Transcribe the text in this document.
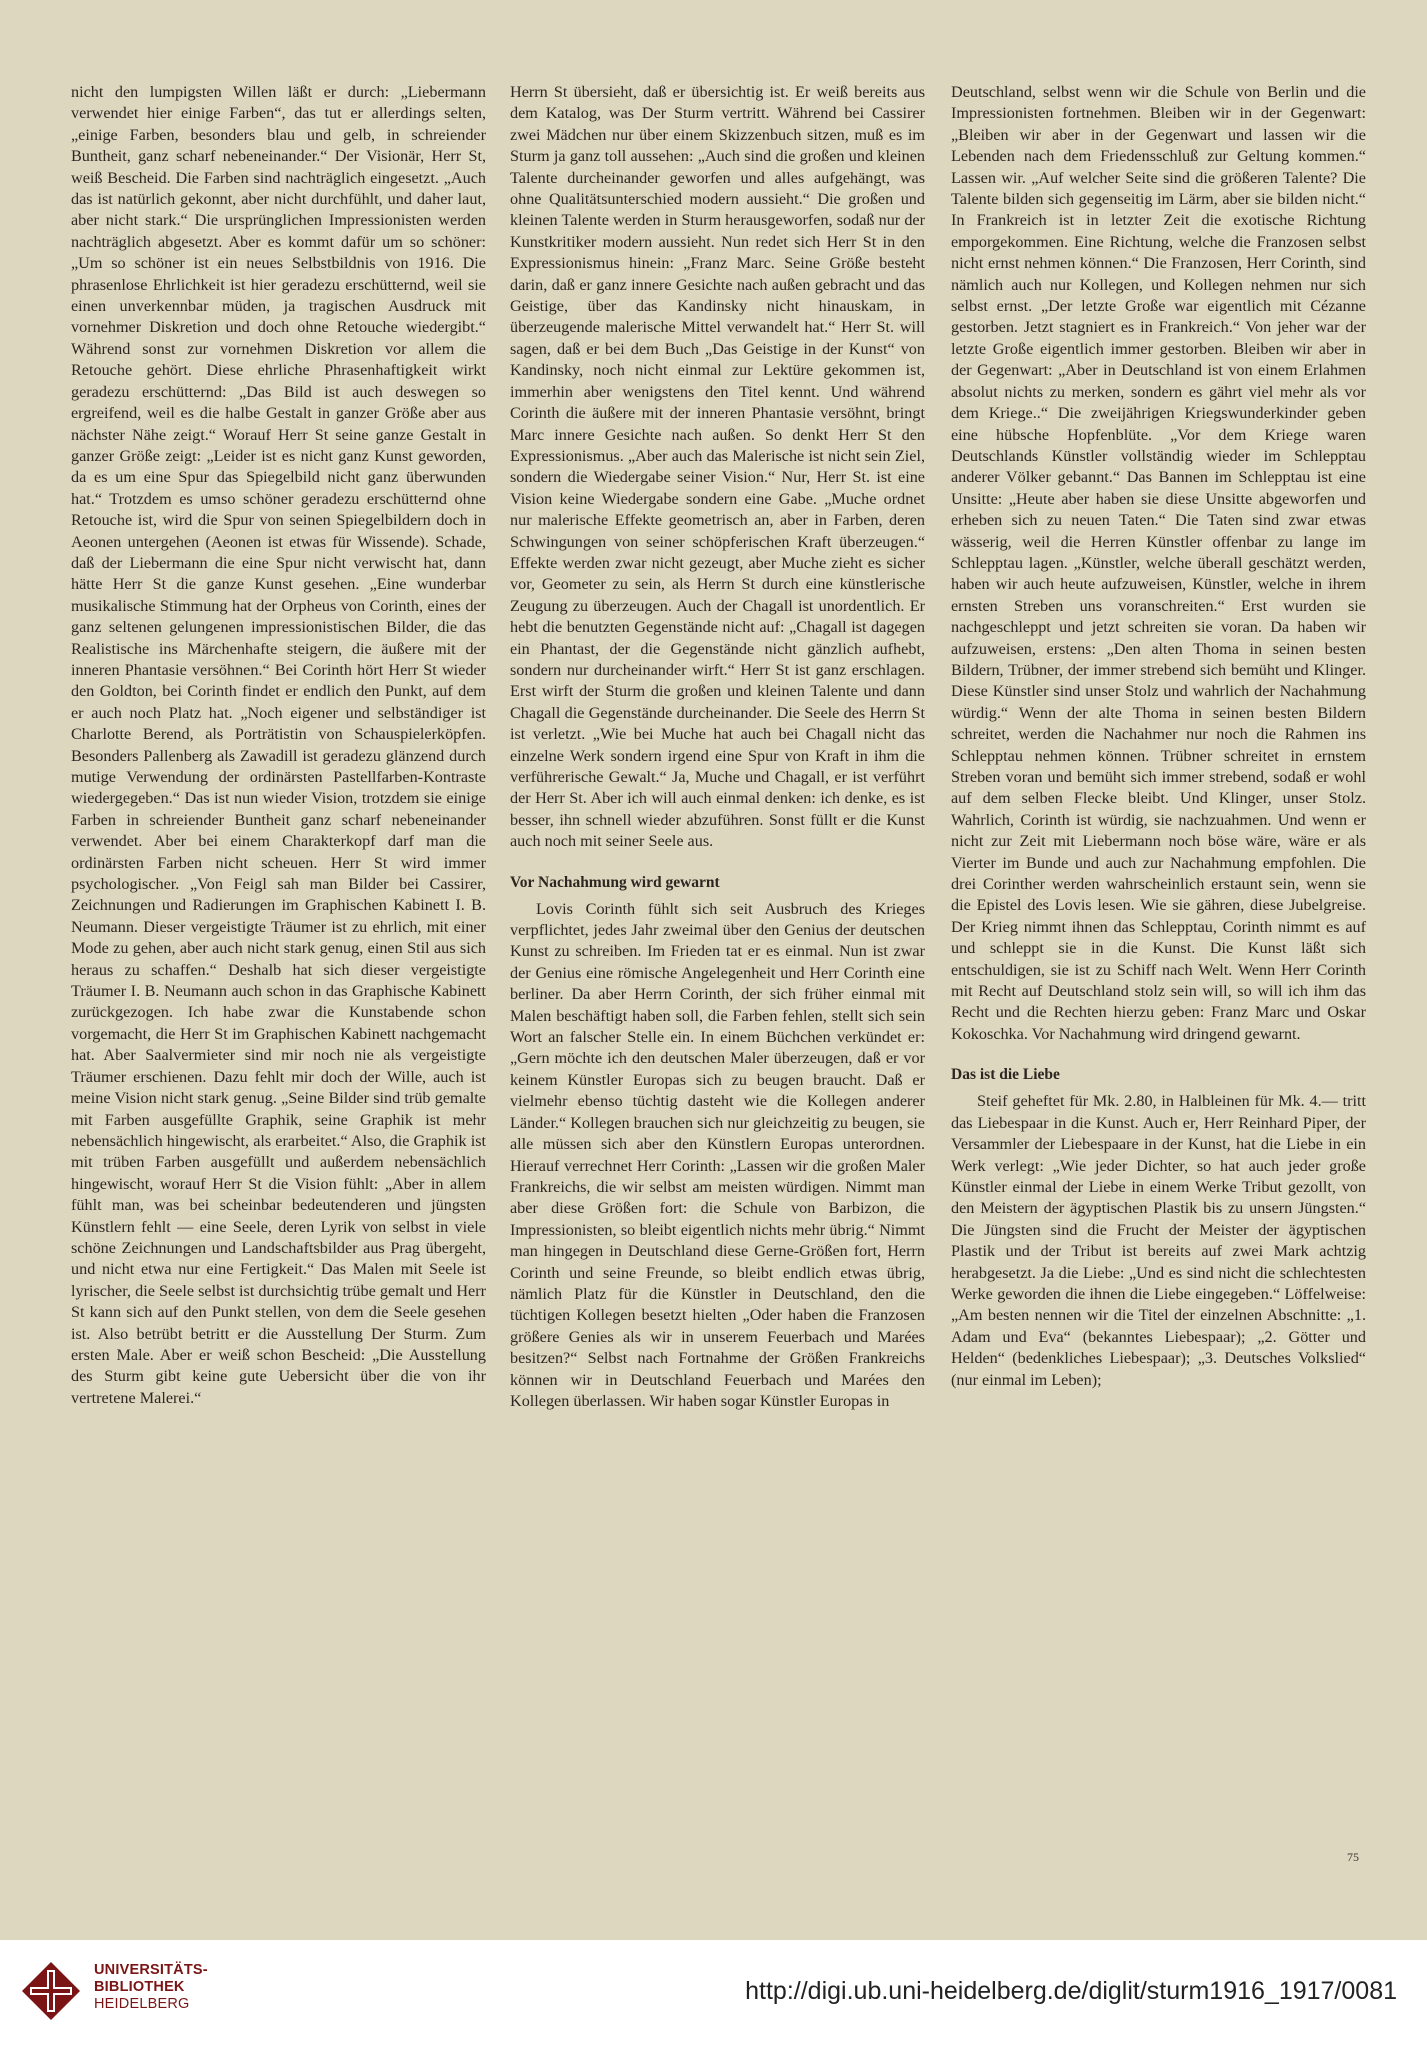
nicht den lumpigsten Willen läßt er durch: „Liebermann verwendet hier einige Farben“, das tut er allerdings selten, „einige Farben, besonders blau und gelb, in schreiender Buntheit, ganz scharf nebeneinander.“ Der Visionär, Herr St, weiß Bescheid. Die Farben sind nachträglich eingesetzt. „Auch das ist natürlich gekonnt, aber nicht durchfühlt, und daher laut, aber nicht stark.“ Die ursprünglichen Impressionisten werden nachträglich abgesetzt. Aber es kommt dafür um so schöner: „Um so schöner ist ein neues Selbstbildnis von 1916. Die phrasenlose Ehrlichkeit ist hier geradezu erschütternd, weil sie einen unverkennbar müden, ja tragischen Ausdruck mit vornehmer Diskretion und doch ohne Retouche wiedergibt.“ Während sonst zur vornehmen Diskretion vor allem die Retouche gehört. Diese ehrliche Phrasenhaftigkeit wirkt geradezu erschütternd: „Das Bild ist auch deswegen so ergreifend, weil es die halbe Gestalt in ganzer Größe aber aus nächster Nähe zeigt.“ Worauf Herr St seine ganze Gestalt in ganzer Größe zeigt: „Leider ist es nicht ganz Kunst geworden, da es um eine Spur das Spiegelbild nicht ganz überwunden hat.“ Trotzdem es umso schöner geradezu erschütternd ohne Retouche ist, wird die Spur von seinen Spiegelbildern doch in Aeonen untergehen (Aeonen ist etwas für Wissende). Schade, daß der Liebermann die eine Spur nicht verwischt hat, dann hätte Herr St die ganze Kunst gesehen. „Eine wunderbar musikalische Stimmung hat der Orpheus von Corinth, eines der ganz seltenen gelungenen impressionistischen Bilder, die das Realistische ins Märchenhafte steigern, die äußere mit der inneren Phantasie versöhnen.“ Bei Corinth hört Herr St wieder den Goldton, bei Corinth findet er endlich den Punkt, auf dem er auch noch Platz hat. „Noch eigener und selbständiger ist Charlotte Berend, als Porträtistin von Schauspielerköpfen. Besonders Pallenberg als Zawadill ist geradezu glänzend durch mutige Verwendung der ordinärsten Pastellfarben-Kontraste wiedergegeben.“ Das ist nun wieder Vision, trotzdem sie einige Farben in schreiender Buntheit ganz scharf nebeneinander verwendet. Aber bei einem Charakterkopf darf man die ordinärsten Farben nicht scheuen. Herr St wird immer psychologischer. „Von Feigl sah man Bilder bei Cassirer, Zeichnungen und Radierungen im Graphischen Kabinett I. B. Neumann. Dieser vergeistigte Träumer ist zu ehrlich, mit einer Mode zu gehen, aber auch nicht stark genug, einen Stil aus sich heraus zu schaffen.“ Deshalb hat sich dieser vergeistigte Träumer I. B. Neumann auch schon in das Graphische Kabinett zurückgezogen. Ich habe zwar die Kunstabende schon vorgemacht, die Herr St im Graphischen Kabinett nachgemacht hat. Aber Saalvermieter sind mir noch nie als vergeistigte Träumer erschienen. Dazu fehlt mir doch der Wille, auch ist meine Vision nicht stark genug. „Seine Bilder sind trüb gemalte mit Farben ausgefüllte Graphik, seine Graphik ist mehr nebensächlich hingewischt, als erarbeitet.“ Also, die Graphik ist mit trüben Farben ausgefüllt und außerdem nebensächlich hingewischt, worauf Herr St die Vision fühlt: „Aber in allem fühlt man, was bei scheinbar bedeutenderen und jüngsten Künstlern fehlt — eine Seele, deren Lyrik von selbst in viele schöne Zeichnungen und Landschaftsbilder aus Prag übergeht, und nicht etwa nur eine Fertigkeit.“ Das Malen mit Seele ist lyrischer, die Seele selbst ist durchsichtig trübe gemalt und Herr St kann sich auf den Punkt stellen, von dem die Seele gesehen ist. Also betrübt betritt er die Ausstellung Der Sturm. Zum ersten Male. Aber er weiß schon Bescheid: „Die Ausstellung des Sturm gibt keine gute Uebersicht über die von ihr vertretene Malerei.“

Herrn St übersieht, daß er übersichtig ist. Er weiß bereits aus dem Katalog, was Der Sturm vertritt. Während bei Cassirer zwei Mädchen nur über einem Skizzenbuch sitzen, muß es im Sturm ja ganz toll aussehen: „Auch sind die großen und kleinen Talente durcheinander geworfen und alles aufgehängt, was ohne Qualitätsunterschied modern aussieht.“ Die großen und kleinen Talente werden in Sturm herausgeworfen, sodaß nur der Kunstkritiker modern aussieht. Nun redet sich Herr St in den Expressionismus hinein: „Franz Marc. Seine Größe besteht darin, daß er ganz innere Gesichte nach außen gebracht und das Geistige, über das Kandinsky nicht hinauskam, in überzeugende malerische Mittel verwandelt hat.“ Herr St. will sagen, daß er bei dem Buch „Das Geistige in der Kunst“ von Kandinsky, noch nicht einmal zur Lektüre gekommen ist, immerhin aber wenigstens den Titel kennt. Und während Corinth die äußere mit der inneren Phantasie versöhnt, bringt Marc innere Gesichte nach außen. So denkt Herr St den Expressionismus. „Aber auch das Malerische ist nicht sein Ziel, sondern die Wiedergabe seiner Vision.“ Nur, Herr St. ist eine Vision keine Wiedergabe sondern eine Gabe. „Muche ordnet nur malerische Effekte geometrisch an, aber in Farben, deren Schwingungen von seiner schöpferischen Kraft überzeugen.“ Effekte werden zwar nicht gezeugt, aber Muche zieht es sicher vor, Geometer zu sein, als Herrn St durch eine künstlerische Zeugung zu überzeugen. Auch der Chagall ist unordentlich. Er hebt die benutzten Gegenstände nicht auf: „Chagall ist dagegen ein Phantast, der die Gegenstände nicht gänzlich aufhebt, sondern nur durcheinander wirft.“ Herr St ist ganz erschlagen. Erst wirft der Sturm die großen und kleinen Talente und dann Chagall die Gegenstände durcheinander. Die Seele des Herrn St ist verletzt. „Wie bei Muche hat auch bei Chagall nicht das einzelne Werk sondern irgend eine Spur von Kraft in ihm die verführerische Gewalt.“ Ja, Muche und Chagall, er ist verführt der Herr St. Aber ich will auch einmal denken: ich denke, es ist besser, ihn schnell wieder abzuführen. Sonst füllt er die Kunst auch noch mit seiner Seele aus.

Vor Nachahmung wird gewarnt

Lovis Corinth fühlt sich seit Ausbruch des Krieges verpflichtet, jedes Jahr zweimal über den Genius der deutschen Kunst zu schreiben. Im Frieden tat er es einmal. Nun ist zwar der Genius eine römische Angelegenheit und Herr Corinth eine berliner. Da aber Herrn Corinth, der sich früher einmal mit Malen beschäftigt haben soll, die Farben fehlen, stellt sich sein Wort an falscher Stelle ein. In einem Büchchen verkündet er: „Gern möchte ich den deutschen Maler überzeugen, daß er vor keinem Künstler Europas sich zu beugen braucht. Daß er vielmehr ebenso tüchtig dasteht wie die Kollegen anderer Länder.“ Kollegen brauchen sich nur gleichzeitig zu beugen, sie alle müssen sich aber den Künstlern Europas unterordnen. Hierauf verrechnet Herr Corinth: „Lassen wir die großen Maler Frankreichs, die wir selbst am meisten würdigen. Nimmt man aber diese Größen fort: die Schule von Barbizon, die Impressionisten, so bleibt eigentlich nichts mehr übrig.“ Nimmt man hingegen in Deutschland diese Gerne-Größen fort, Herrn Corinth und seine Freunde, so bleibt endlich etwas übrig, nämlich Platz für die Künstler in Deutschland, den die tüchtigen Kollegen besetzt hielten „Oder haben die Franzosen größere Genies als wir in unserem Feuerbach und Marées besitzen?“ Selbst nach Fortnahme der Größen Frankreichs können wir in Deutschland Feuerbach und Marées den Kollegen überlassen. Wir haben sogar Künstler Europas in

Deutschland, selbst wenn wir die Schule von Berlin und die Impressionisten fortnehmen. Bleiben wir in der Gegenwart: „Bleiben wir aber in der Gegenwart und lassen wir die Lebenden nach dem Friedensschluß zur Geltung kommen.“ Lassen wir. „Auf welcher Seite sind die größeren Talente? Die Talente bilden sich gegenseitig im Lärm, aber sie bilden nicht.“ In Frankreich ist in letzter Zeit die exotische Richtung emporgekommen. Eine Richtung, welche die Franzosen selbst nicht ernst nehmen können.“ Die Franzosen, Herr Corinth, sind nämlich auch nur Kollegen, und Kollegen nehmen nur sich selbst ernst. „Der letzte Große war eigentlich mit Cézanne gestorben. Jetzt stagniert es in Frankreich.“ Von jeher war der letzte Große eigentlich immer gestorben. Bleiben wir aber in der Gegenwart: „Aber in Deutschland ist von einem Erlahmen absolut nichts zu merken, sondern es gährt viel mehr als vor dem Kriege..“ Die zweijährigen Kriegswunderkinder geben eine hübsche Hopfenblüte. „Vor dem Kriege waren Deutschlands Künstler vollständig wieder im Schlepptau anderer Völker gebannt.“ Das Bannen im Schlepptau ist eine Unsitte: „Heute aber haben sie diese Unsitte abgeworfen und erheben sich zu neuen Taten.“ Die Taten sind zwar etwas wässerig, weil die Herren Künstler offenbar zu lange im Schlepptau lagen. „Künstler, welche überall geschätzt werden, haben wir auch heute aufzuweisen, Künstler, welche in ihrem ernsten Streben uns voranschreiten.“ Erst wurden sie nachgeschleppt und jetzt schreiten sie voran. Da haben wir aufzuweisen, erstens: „Den alten Thoma in seinen besten Bildern, Trübner, der immer strebend sich bemüht und Klinger. Diese Künstler sind unser Stolz und wahrlich der Nachahmung würdig.“ Wenn der alte Thoma in seinen besten Bildern schreitet, werden die Nachahmer nur noch die Rahmen ins Schlepptau nehmen können. Trübner schreitet in ernstem Streben voran und bemüht sich immer strebend, sodaß er wohl auf dem selben Flecke bleibt. Und Klinger, unser Stolz. Wahrlich, Corinth ist würdig, sie nachzuahmen. Und wenn er nicht zur Zeit mit Liebermann noch böse wäre, wäre er als Vierter im Bunde und auch zur Nachahmung empfohlen. Die drei Corinther werden wahrscheinlich erstaunt sein, wenn sie die Epistel des Lovis lesen. Wie sie gähren, diese Jubelgreise. Der Krieg nimmt ihnen das Schlepptau, Corinth nimmt es auf und schleppt sie in die Kunst. Die Kunst läßt sich entschuldigen, sie ist zu Schiff nach Welt. Wenn Herr Corinth mit Recht auf Deutschland stolz sein will, so will ich ihm das Recht und die Rechten hierzu geben: Franz Marc und Oskar Kokoschka. Vor Nachahmung wird dringend gewarnt.

Das ist die Liebe

Steif geheftet für Mk. 2.80, in Halbleinen für Mk. 4.— tritt das Liebespaar in die Kunst. Auch er, Herr Reinhard Piper, der Versammler der Liebespaare in der Kunst, hat die Liebe in ein Werk verlegt: „Wie jeder Dichter, so hat auch jeder große Künstler einmal der Liebe in einem Werke Tribut gezollt, von den Meistern der ägyptischen Plastik bis zu unsern Jüngsten.“ Die Jüngsten sind die Frucht der Meister der ägyptischen Plastik und der Tribut ist bereits auf zwei Mark achtzig herabgesetzt. Ja die Liebe: „Und es sind nicht die schlechtesten Werke geworden die ihnen die Liebe eingegeben.“ Löffelweise: „Am besten nennen wir die Titel der einzelnen Abschnitte: „1. Adam und Eva“ (bekanntes Liebespaar); „2. Götter und Helden“ (bedenkliches Liebespaar); „3. Deutsches Volkslied“ (nur einmal im Leben);

75
UNIVERSITÄTS-
BIBLIOTHEK
HEIDELBERG	http://digi.ub.uni-heidelberg.de/diglit/sturm1916_1917/0081
